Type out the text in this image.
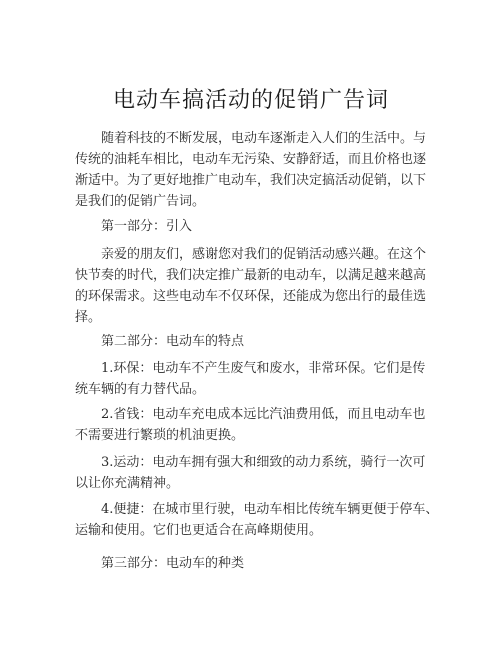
电动车搞活动的促销广告词
随着科技的不断发展，电动车逐渐走入人们的生活中。与
传统的油耗车相比，电动车无污染、安静舒适，而且价格也逐
渐适中。为了更好地推广电动车，我们决定搞活动促销，以下
是我们的促销广告词。
第一部分：引入
亲爱的朋友们，感谢您对我们的促销活动感兴趣。在这个
快节奏的时代，我们决定推广最新的电动车，以满足越来越高
的环保需求。这些电动车不仅环保，还能成为您出行的最佳选
择。
第二部分：电动车的特点
1.环保：电动车不产生废气和废水，非常环保。它们是传
统车辆的有力替代品。
2.省钱：电动车充电成本远比汽油费用低，而且电动车也
不需要进行繁琐的机油更换。
3.运动：电动车拥有强大和细致的动力系统，骑行一次可
以让你充满精神。
4.便捷：在城市里行驶，电动车相比传统车辆更便于停车、
运输和使用。它们也更适合在高峰期使用。
第三部分：电动车的种类
